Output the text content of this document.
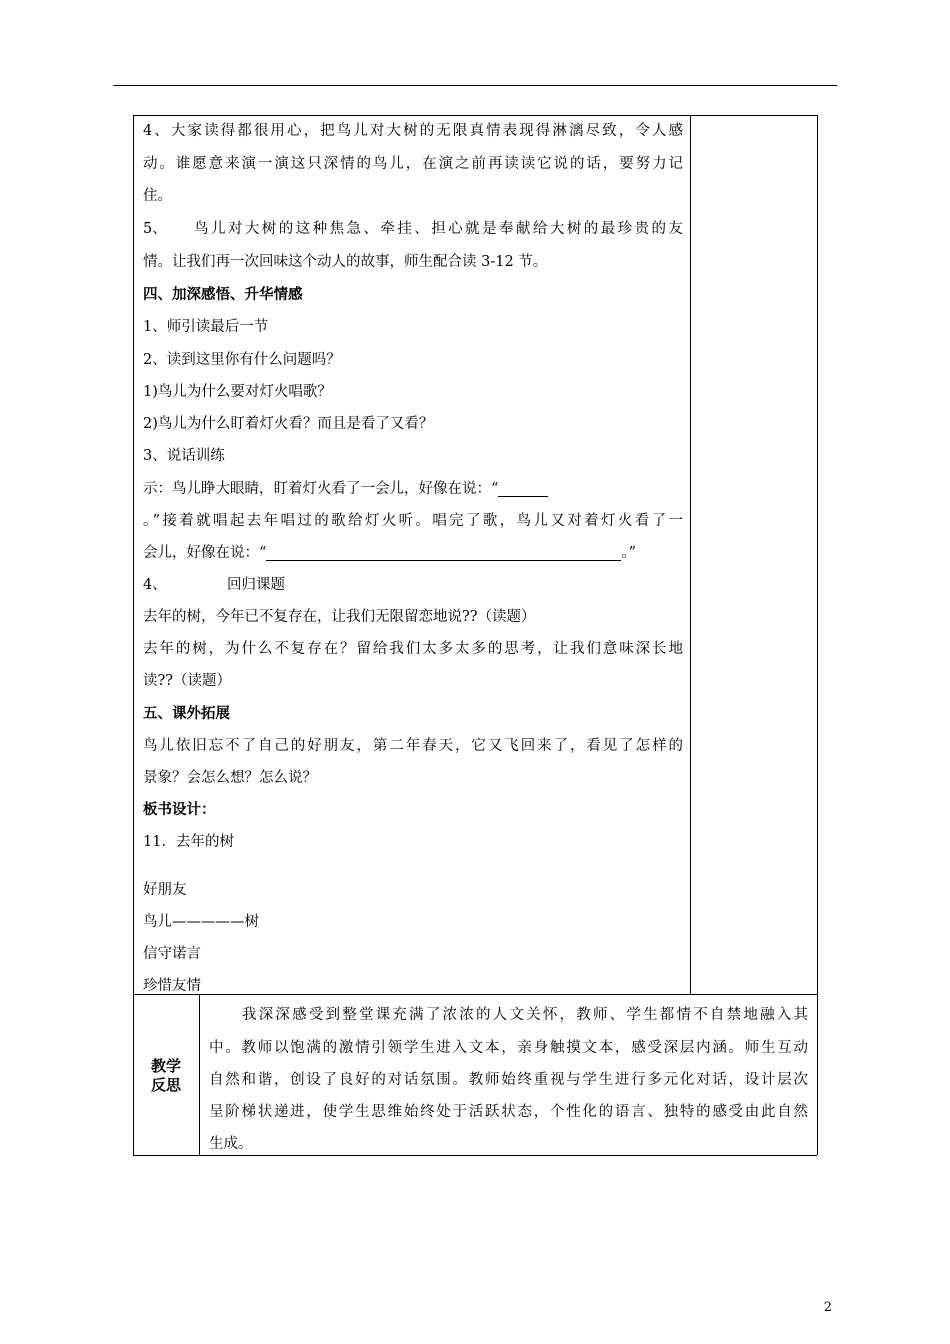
4、大家读得都很用心，把鸟儿对大树的无限真情表现得淋漓尽致，令人感
动。谁愿意来演一演这只深情的鸟儿，在演之前再读读它说的话，要努力记
住。
5、 鸟儿对大树的这种焦急、牵挂、担心就是奉献给大树的最珍贵的友
情。让我们再一次回味这个动人的故事，师生配合读 3-12 节。
四、加深感悟、升华情感
1、师引读最后一节
2、读到这里你有什么问题吗？
1)鸟儿为什么要对灯火唱歌？
2)鸟儿为什么盯着灯火看？而且是看了又看？
3、说话训练
示：鸟儿睁大眼睛，盯着灯火看了一会儿，好像在说：“
。”接着就唱起去年唱过的歌给灯火听。唱完了歌，鸟儿又对着灯火看了一
会儿，好像在说：“	。”
4、	回归课题
去年的树，今年已不复存在，让我们无限留恋地说??（读题）
去年的树，为什么不复存在？留给我们太多太多的思考，让我们意味深长地
读??（读题）
五、课外拓展
鸟儿依旧忘不了自己的好朋友，第二年春天，它又飞回来了，看见了怎样的
景象？会怎么想？怎么说？
板书设计：
11．去年的树
好朋友
鸟儿—————树
信守诺言
珍惜友情
教学
反思
我深深感受到整堂课充满了浓浓的人文关怀，教师、学生都情不自禁地融入其
中。教师以饱满的激情引领学生进入文本，亲身触摸文本，感受深层内涵。师生互动
自然和谐，创设了良好的对话氛围。教师始终重视与学生进行多元化对话，设计层次
呈阶梯状递进，使学生思维始终处于活跃状态，个性化的语言、独特的感受由此自然
生成。
2
